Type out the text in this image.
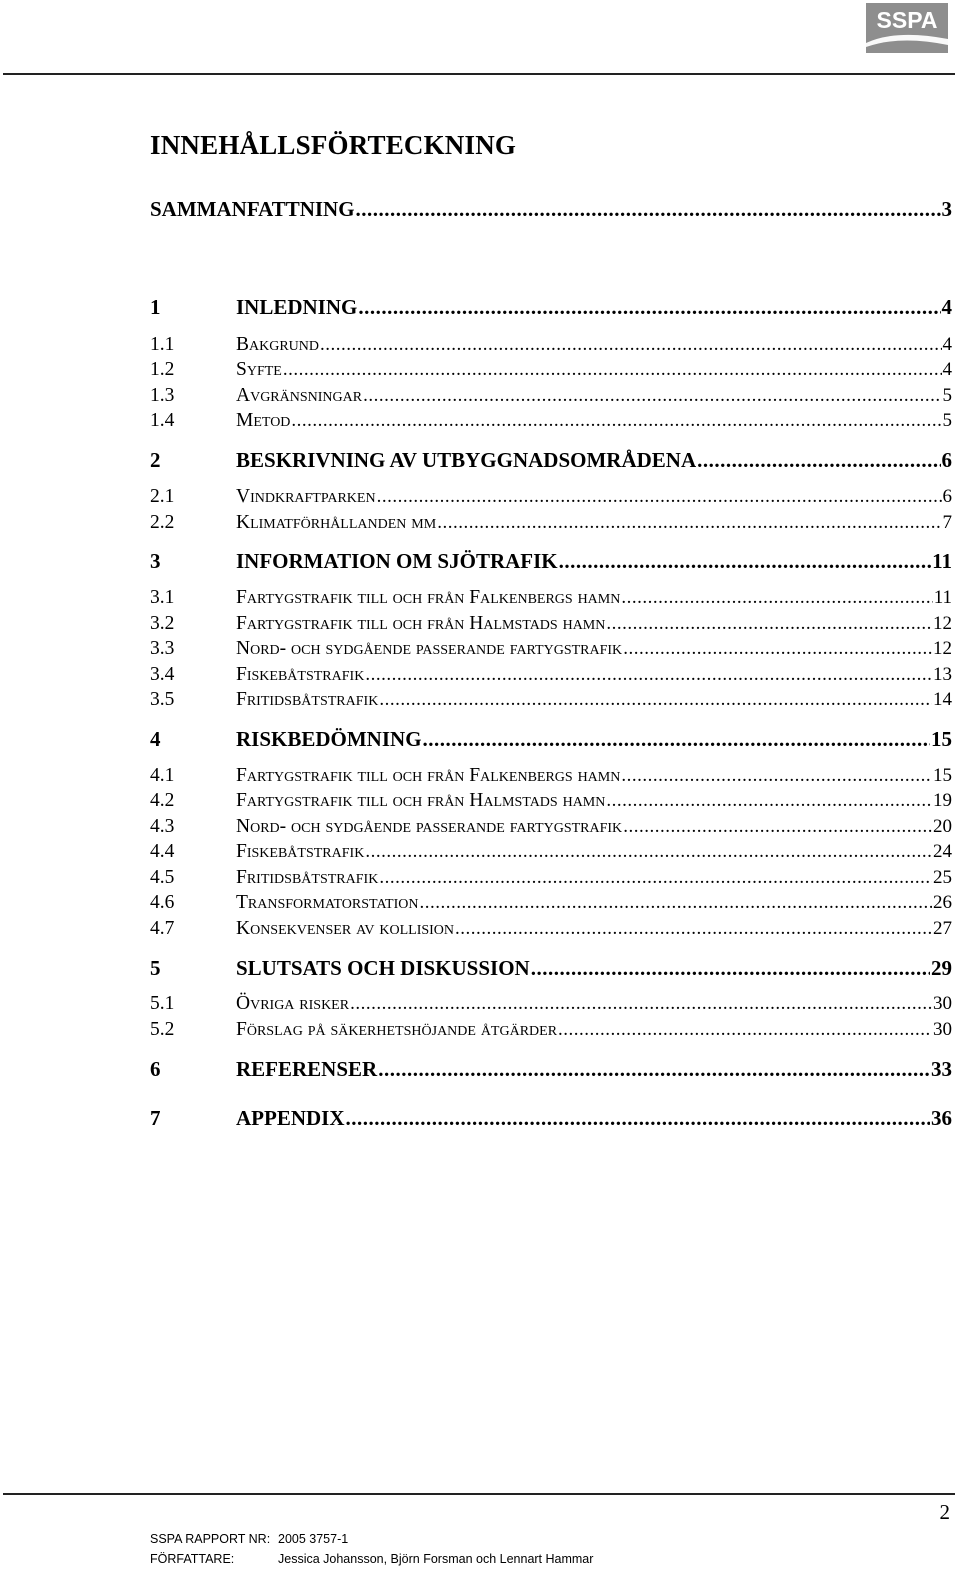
SSPA
INNEHÅLLSFÖRTECKNING
SAMMANFATTNING .....	3
1	INLEDNING .....	4
1.1	Bakgrund .....	4
1.2	Syfte .....	4
1.3	Avgränsningar .....	5
1.4	Metod .....	5
2	BESKRIVNING AV UTBYGGNADSOMRÅDENA .....	6
2.1	Vindkraftparken .....	6
2.2	Klimatförhållanden mm .....	7
3	INFORMATION OM SJÖTRAFIK .....	11
3.1	Fartygstrafik till och från Falkenbergs hamn .....	11
3.2	Fartygstrafik till och från Halmstads hamn .....	12
3.3	Nord- och sydgående passerande fartygstrafik .....	12
3.4	Fiskebåtstrafik .....	13
3.5	Fritidsbåtstrafik .....	14
4	RISKBEDÖMNING .....	15
4.1	Fartygstrafik till och från Falkenbergs hamn .....	15
4.2	Fartygstrafik till och från Halmstads hamn .....	19
4.3	Nord- och sydgående passerande fartygstrafik .....	20
4.4	Fiskebåtstrafik .....	24
4.5	Fritidsbåtstrafik .....	25
4.6	Transformatorstation .....	26
4.7	Konsekvenser av kollision .....	27
5	SLUTSATS OCH DISKUSSION .....	29
5.1	Övriga risker .....	30
5.2	Förslag på säkerhetshöjande åtgärder .....	30
6	REFERENSER .....	33
7	APPENDIX .....	36
2
SSPA RAPPORT NR: 2005 3757-1
FÖRFATTARE:	Jessica Johansson, Björn Forsman och Lennart Hammar
